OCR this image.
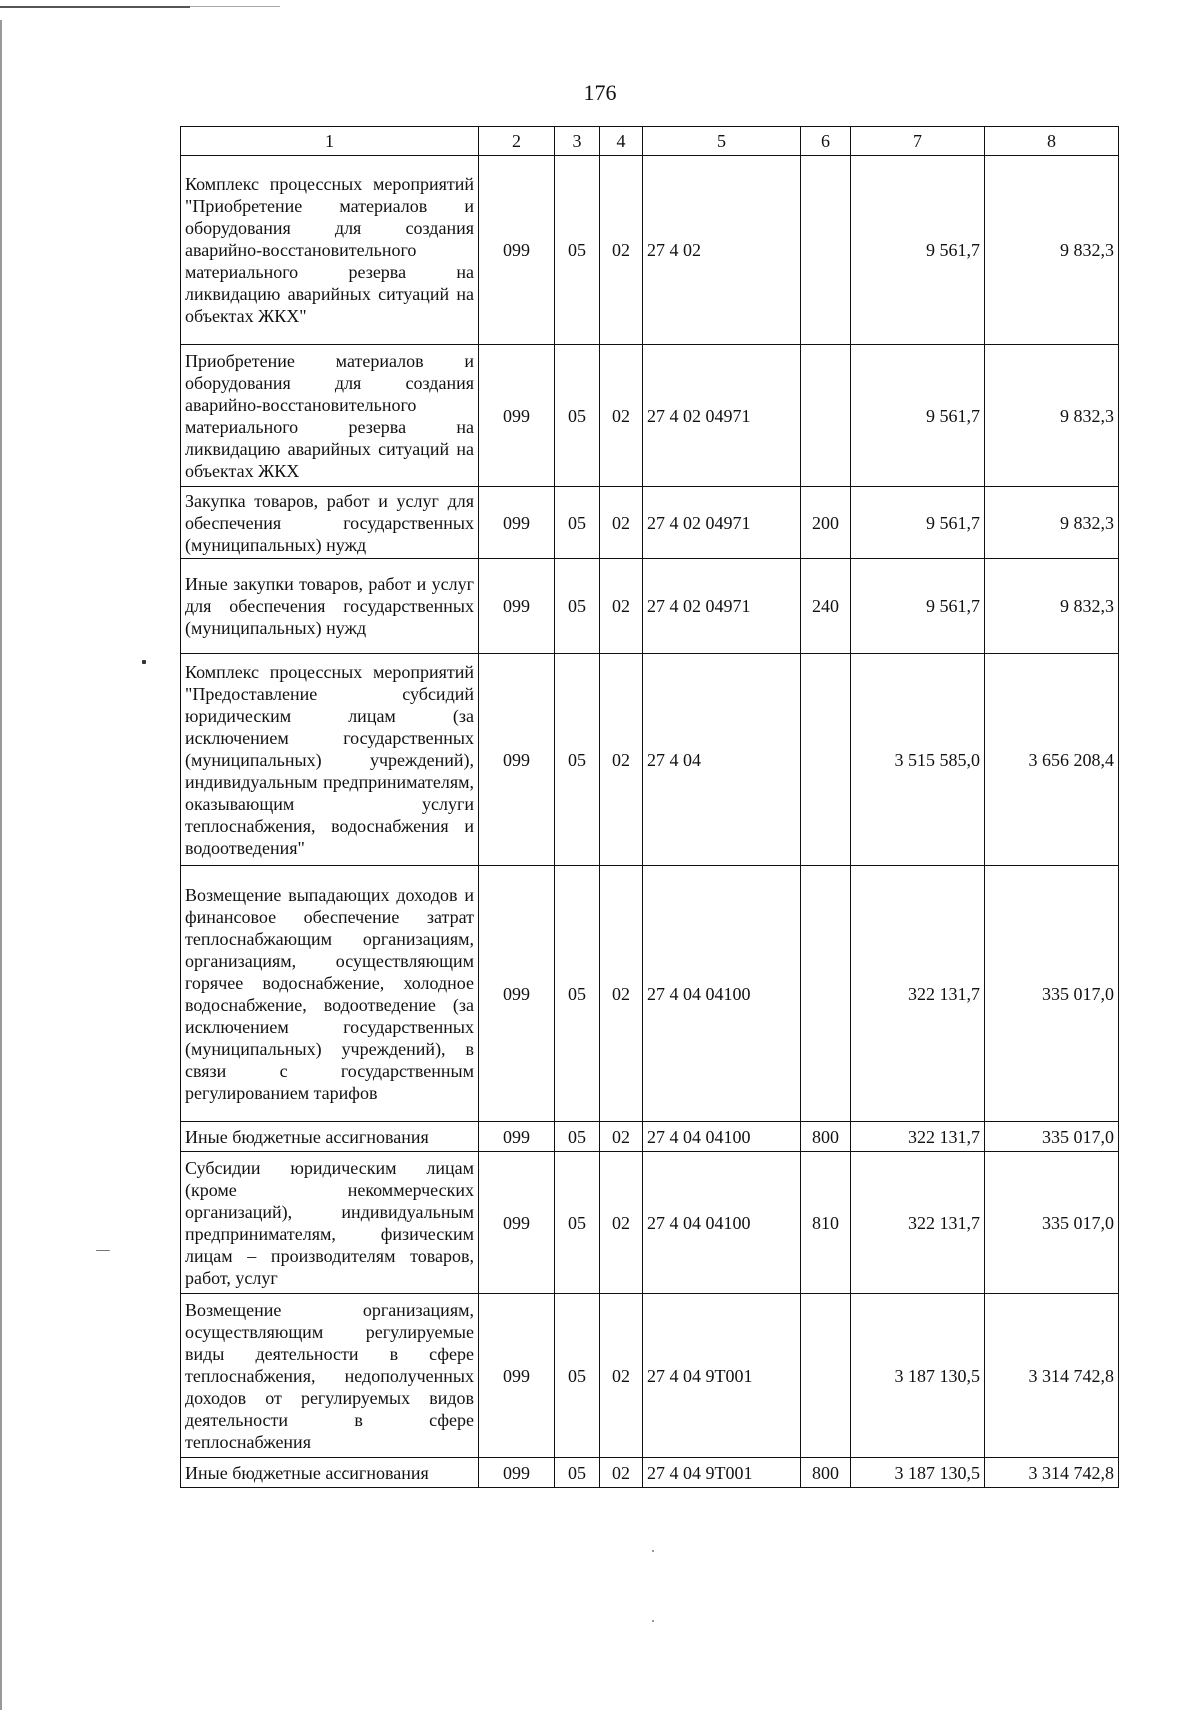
176
1	2	3	4	5	6	7	8
Комплекс процессных мероприятий "Приобретение материалов и оборудования для создания аварийно-восстановительного материального резерва на ликвидацию аварийных ситуаций на объектах ЖКХ"	099	05	02	27 4 02		9 561,7	9 832,3
Приобретение материалов и оборудования для создания аварийно-восстановительного материального резерва на ликвидацию аварийных ситуаций на объектах ЖКХ	099	05	02	27 4 02 04971		9 561,7	9 832,3
Закупка товаров, работ и услуг для обеспечения государственных (муниципальных) нужд	099	05	02	27 4 02 04971	200	9 561,7	9 832,3
Иные закупки товаров, работ и услуг для обеспечения государственных (муниципальных) нужд	099	05	02	27 4 02 04971	240	9 561,7	9 832,3
Комплекс процессных мероприятий "Предоставление субсидий юридическим лицам (за исключением государственных (муниципальных) учреждений), индивидуальным предпринимателям, оказывающим услуги теплоснабжения, водоснабжения и водоотведения"	099	05	02	27 4 04		3 515 585,0	3 656 208,4
Возмещение выпадающих доходов и финансовое обеспечение затрат теплоснабжающим организациям, организациям, осуществляющим горячее водоснабжение, холодное водоснабжение, водоотведение (за исключением государственных (муниципальных) учреждений), в связи с государственным регулированием тарифов	099	05	02	27 4 04 04100		322 131,7	335 017,0
Иные бюджетные ассигнования	099	05	02	27 4 04 04100	800	322 131,7	335 017,0
Субсидии юридическим лицам (кроме некоммерческих организаций), индивидуальным предпринимателям, физическим лицам – производителям товаров, работ, услуг	099	05	02	27 4 04 04100	810	322 131,7	335 017,0
Возмещение организациям, осуществляющим регулируемые виды деятельности в сфере теплоснабжения, недополученных доходов от регулируемых видов деятельности в сфере теплоснабжения	099	05	02	27 4 04 9Т001		3 187 130,5	3 314 742,8
Иные бюджетные ассигнования	099	05	02	27 4 04 9Т001	800	3 187 130,5	3 314 742,8
